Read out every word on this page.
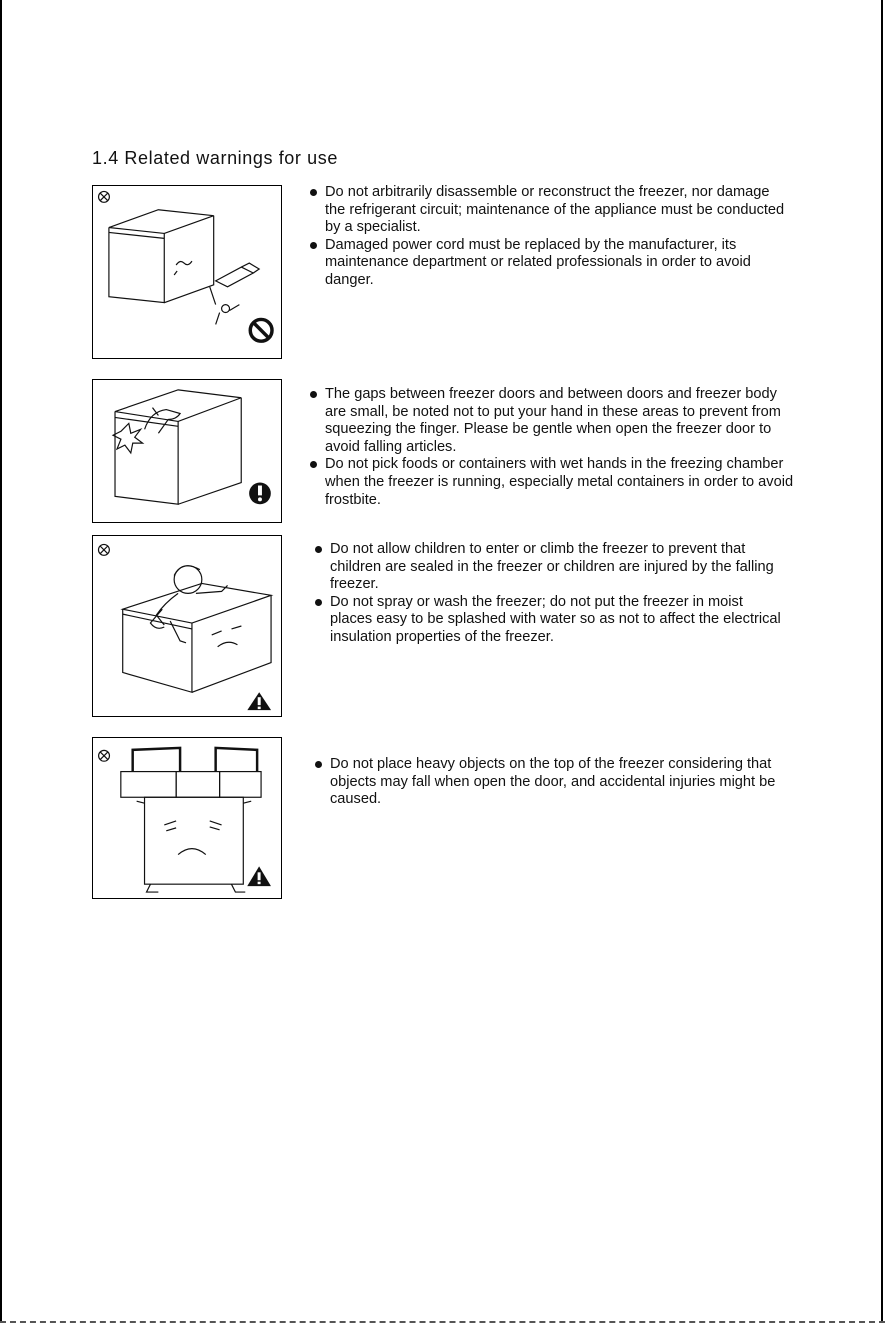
1.4 Related warnings for use
Do not arbitrarily disassemble or reconstruct the freezer, nor damage the refrigerant circuit; maintenance of the appliance must be conducted by a specialist.
Damaged power cord must be replaced by the manufacturer, its maintenance department or related professionals in order to avoid danger.
The gaps between freezer doors and between doors and freezer body are small, be noted not to put your hand in these areas to prevent from squeezing the finger. Please be gentle when open the freezer door to avoid falling articles.
Do not pick foods or containers with wet hands in the freezing chamber when the freezer is running, especially metal containers in order to avoid frostbite.
Do not allow children to enter or climb the freezer to prevent that children are sealed in the freezer or children are injured by the falling freezer.
Do not spray or wash the freezer; do not put the freezer in moist places easy to be splashed with water so as not to affect the electrical insulation properties of the freezer.
Do not place heavy objects on the top of the freezer considering that objects may fall when open the door, and accidental injuries might be caused.
